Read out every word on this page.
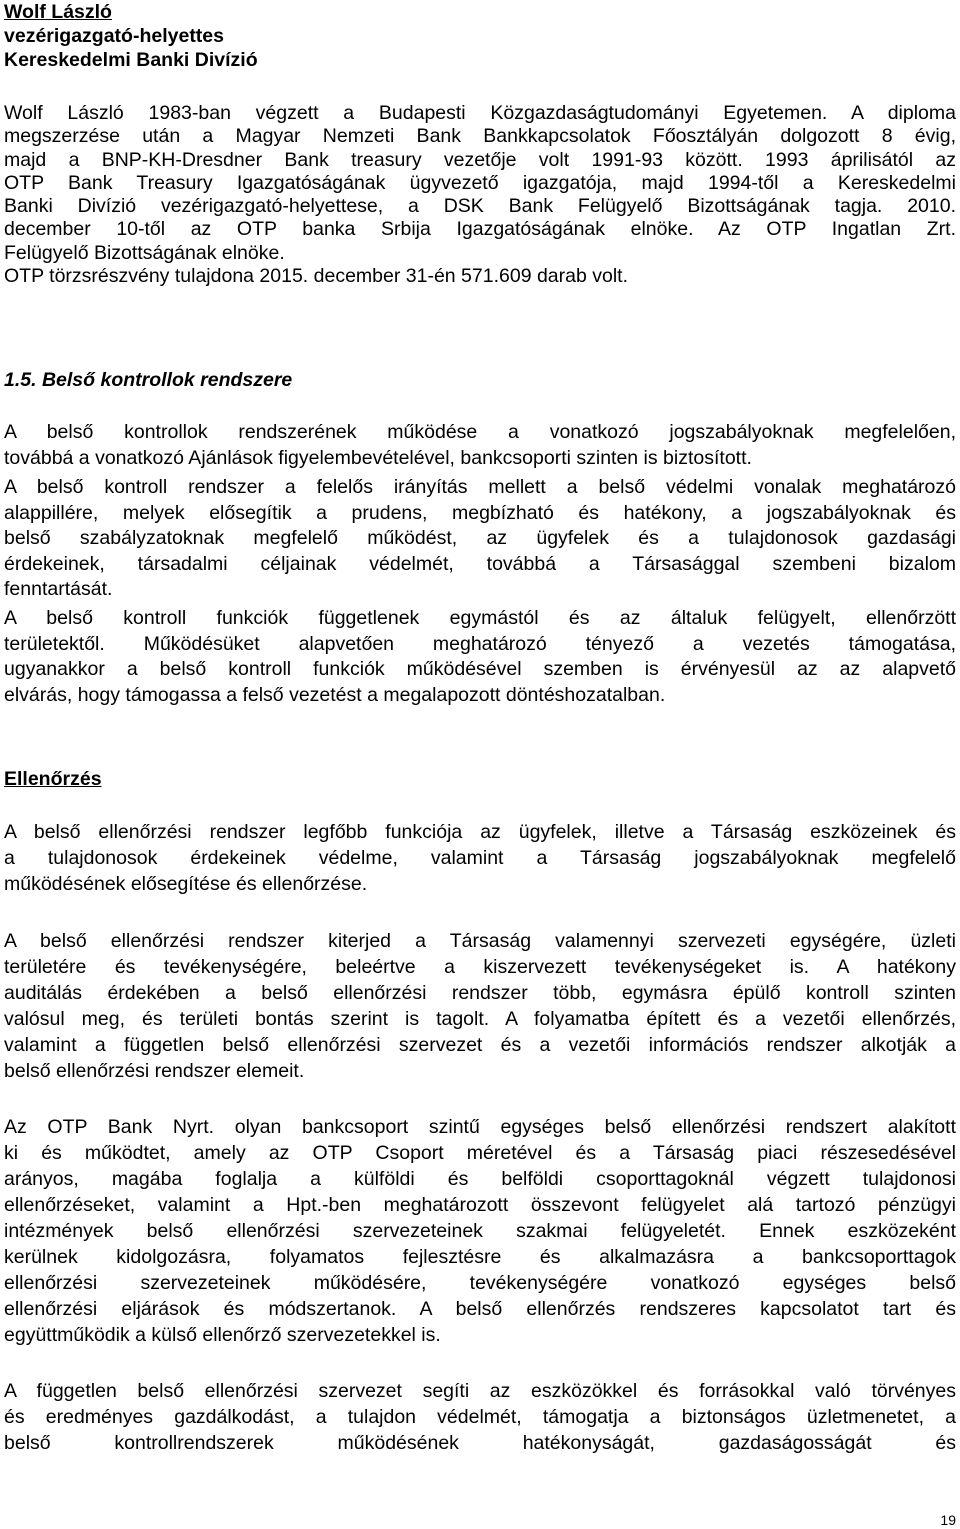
Wolf László
vezérigazgató-helyettes
Kereskedelmi Banki Divízió
Wolf László 1983-ban végzett a Budapesti Közgazdaságtudományi Egyetemen. A diploma
megszerzése után a Magyar Nemzeti Bank Bankkapcsolatok Főosztályán dolgozott 8 évig,
majd a BNP-KH-Dresdner Bank treasury vezetője volt 1991-93 között. 1993 áprilisától az
OTP Bank Treasury Igazgatóságának ügyvezető igazgatója, majd 1994-től a Kereskedelmi
Banki Divízió vezérigazgató-helyettese, a DSK Bank Felügyelő Bizottságának tagja. 2010.
december 10-től az OTP banka Srbija Igazgatóságának elnöke. Az OTP Ingatlan Zrt.
Felügyelő Bizottságának elnöke.
OTP törzsrészvény tulajdona 2015. december 31-én 571.609 darab volt.
1.5. Belső kontrollok rendszere
A belső kontrollok rendszerének működése a vonatkozó jogszabályoknak megfelelően,
továbbá a vonatkozó Ajánlások figyelembevételével, bankcsoporti szinten is biztosított.
A belső kontroll rendszer a felelős irányítás mellett a belső védelmi vonalak meghatározó
alappillére, melyek elősegítik a prudens, megbízható és hatékony, a jogszabályoknak és
belső szabályzatoknak megfelelő működést, az ügyfelek és a tulajdonosok gazdasági
érdekeinek, társadalmi céljainak védelmét, továbbá a Társasággal szembeni bizalom
fenntartását.
A belső kontroll funkciók függetlenek egymástól és az általuk felügyelt, ellenőrzött
területektől. Működésüket alapvetően meghatározó tényező a vezetés támogatása,
ugyanakkor a belső kontroll funkciók működésével szemben is érvényesül az az alapvető
elvárás, hogy támogassa a felső vezetést a megalapozott döntéshozatalban.
Ellenőrzés
A belső ellenőrzési rendszer legfőbb funkciója az ügyfelek, illetve a Társaság eszközeinek és
a tulajdonosok érdekeinek védelme, valamint a Társaság jogszabályoknak megfelelő
működésének elősegítése és ellenőrzése.
A belső ellenőrzési rendszer kiterjed a Társaság valamennyi szervezeti egységére, üzleti
területére és tevékenységére, beleértve a kiszervezett tevékenységeket is. A hatékony
auditálás érdekében a belső ellenőrzési rendszer több, egymásra épülő kontroll szinten
valósul meg, és területi bontás szerint is tagolt. A folyamatba épített és a vezetői ellenőrzés,
valamint a független belső ellenőrzési szervezet és a vezetői információs rendszer alkotják a
belső ellenőrzési rendszer elemeit.
Az OTP Bank Nyrt. olyan bankcsoport szintű egységes belső ellenőrzési rendszert alakított
ki és működtet, amely az OTP Csoport méretével és a Társaság piaci részesedésével
arányos, magába foglalja a külföldi és belföldi csoporttagoknál végzett tulajdonosi
ellenőrzéseket, valamint a Hpt.-ben meghatározott összevont felügyelet alá tartozó pénzügyi
intézmények belső ellenőrzési szervezeteinek szakmai felügyeletét. Ennek eszközeként
kerülnek kidolgozásra, folyamatos fejlesztésre és alkalmazásra a bankcsoporttagok
ellenőrzési szervezeteinek működésére, tevékenységére vonatkozó egységes belső
ellenőrzési eljárások és módszertanok. A belső ellenőrzés rendszeres kapcsolatot tart és
együttműködik a külső ellenőrző szervezetekkel is.
A független belső ellenőrzési szervezet segíti az eszközökkel és forrásokkal való törvényes
és eredményes gazdálkodást, a tulajdon védelmét, támogatja a biztonságos üzletmenetet, a
belső kontrollrendszerek működésének hatékonyságát, gazdaságosságát és
19
